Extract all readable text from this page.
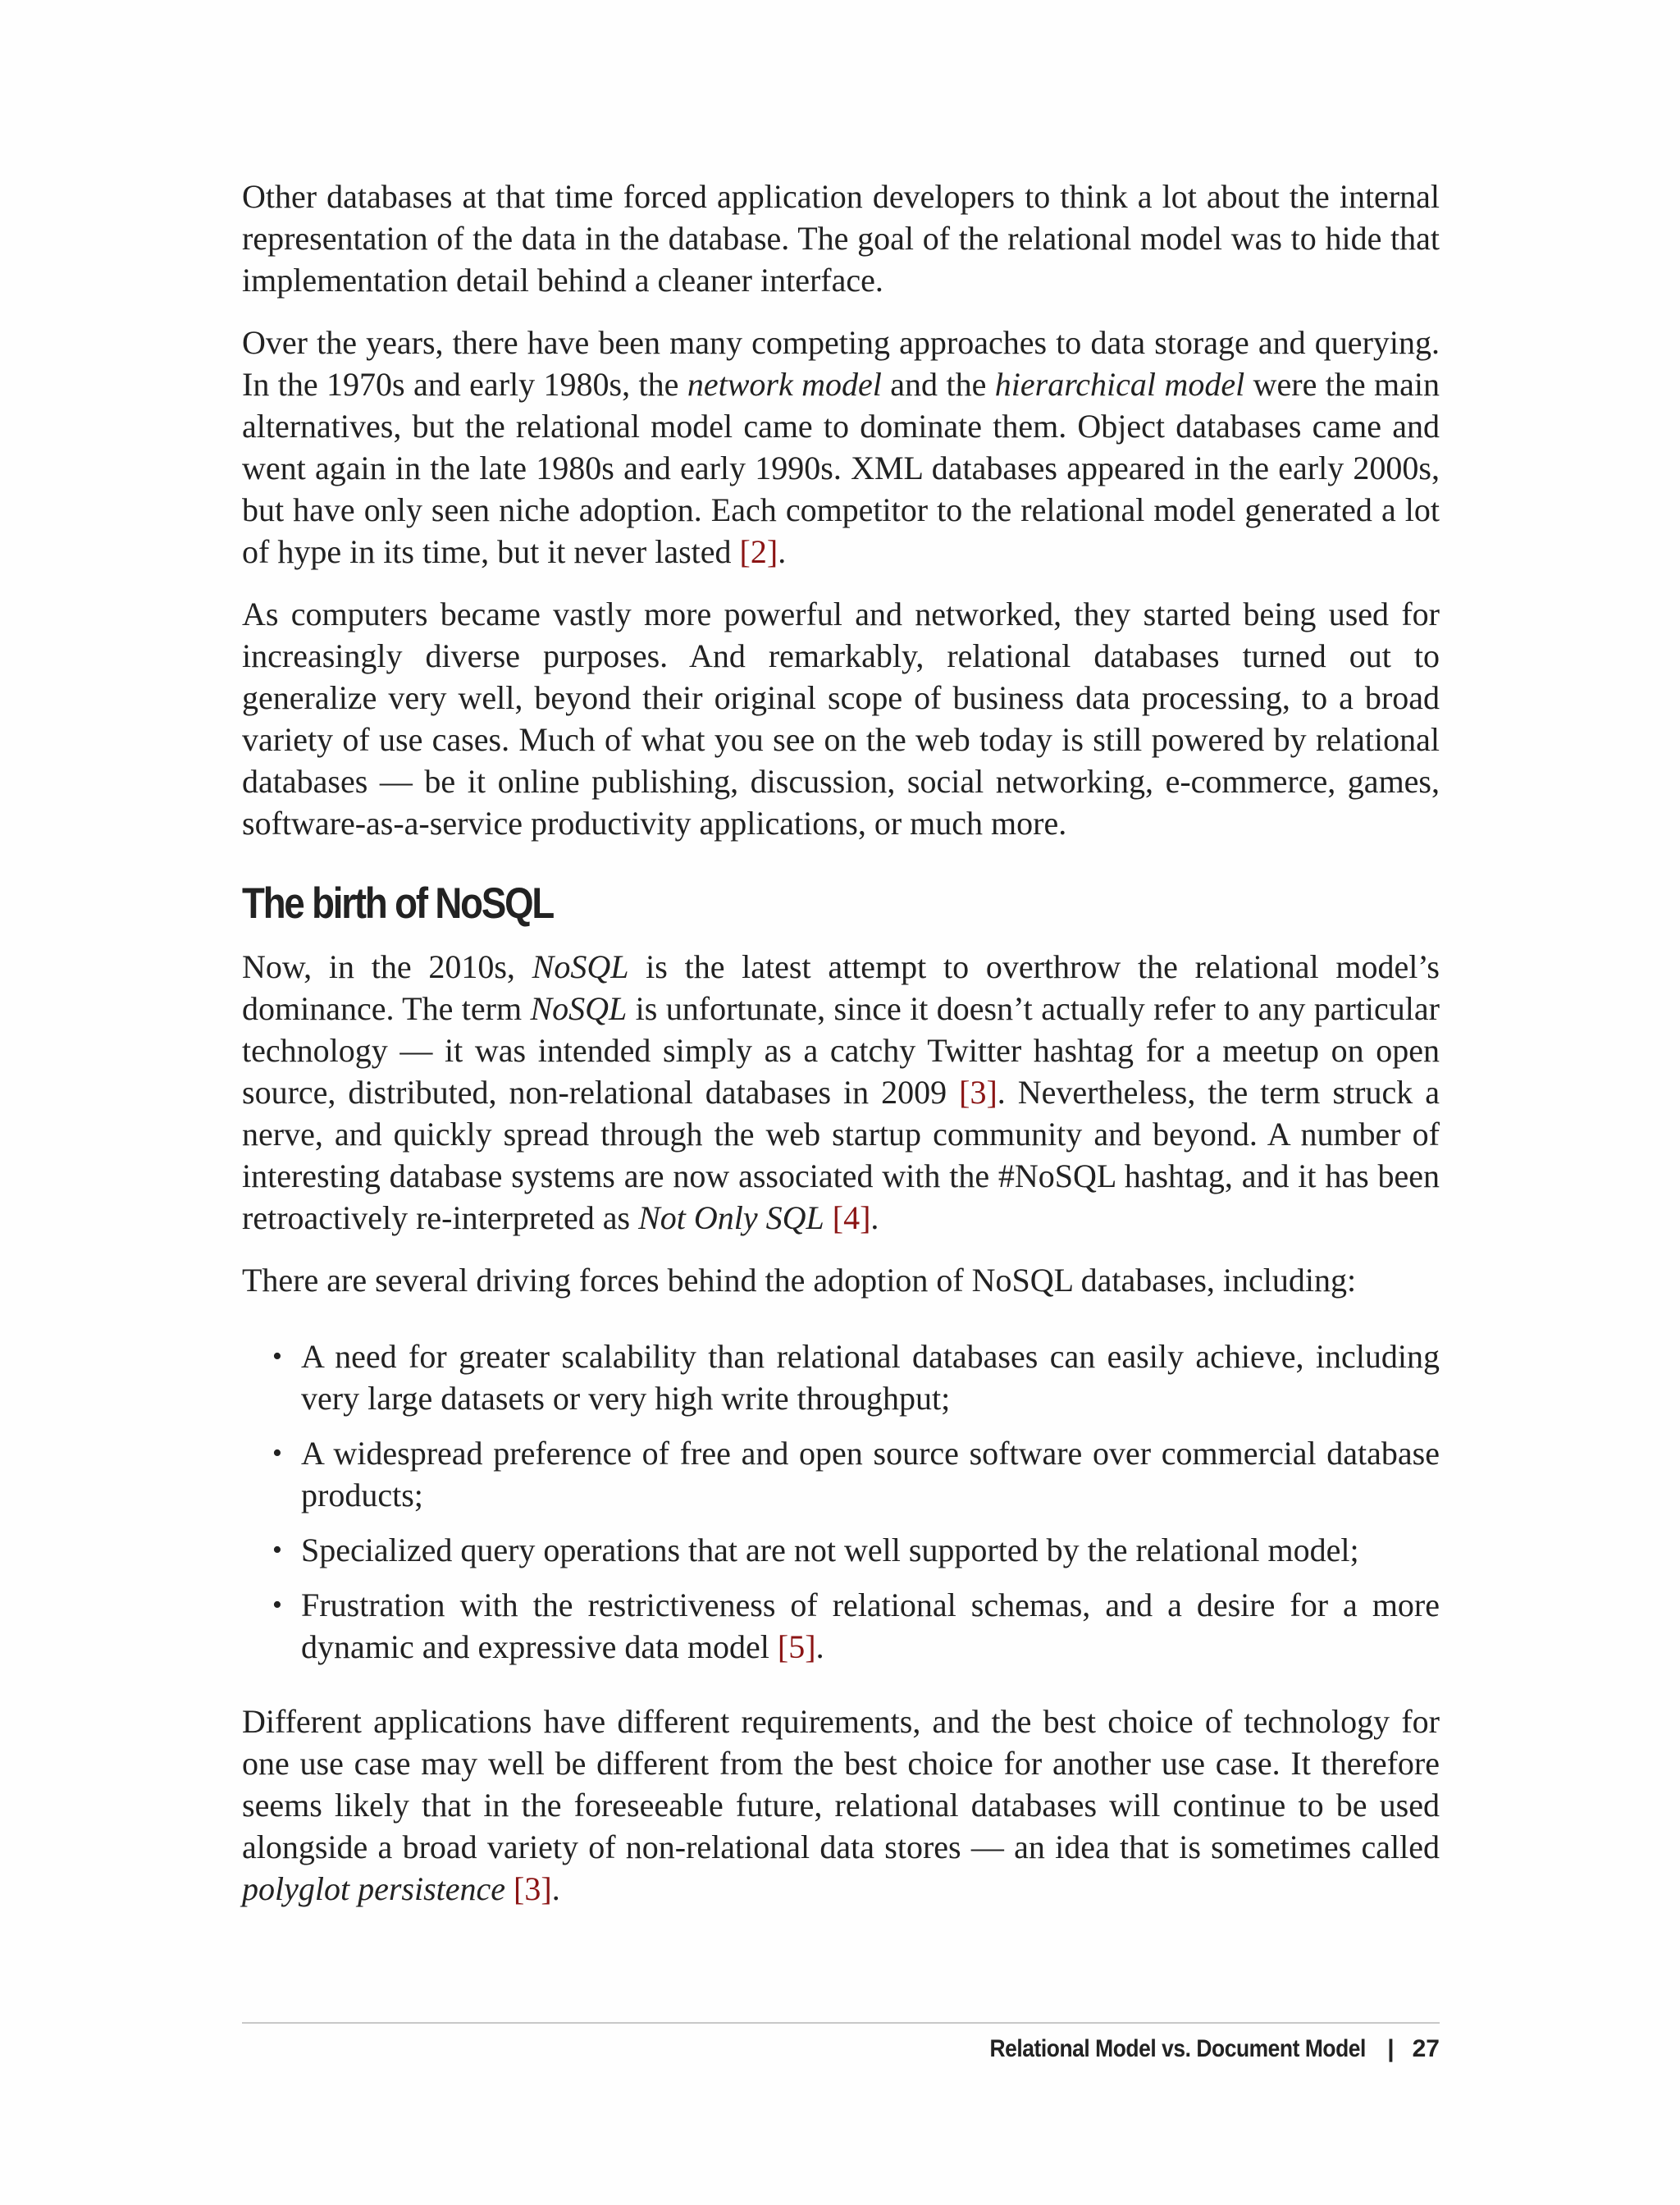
Other databases at that time forced application developers to think a lot about the internal representation of the data in the database. The goal of the relational model was to hide that implementation detail behind a cleaner interface.

Over the years, there have been many competing approaches to data storage and querying. In the 1970s and early 1980s, the network model and the hierarchical model were the main alternatives, but the relational model came to dominate them. Object databases came and went again in the late 1980s and early 1990s. XML databases appeared in the early 2000s, but have only seen niche adoption. Each competitor to the relational model generated a lot of hype in its time, but it never lasted [2].

As computers became vastly more powerful and networked, they started being used for increasingly diverse purposes. And remarkably, relational databases turned out to generalize very well, beyond their original scope of business data processing, to a broad variety of use cases. Much of what you see on the web today is still powered by relational databases — be it online publishing, discussion, social networking, e-commerce, games, software-as-a-service productivity applications, or much more.

The birth of NoSQL

Now, in the 2010s, NoSQL is the latest attempt to overthrow the relational model’s dominance. The term NoSQL is unfortunate, since it doesn’t actually refer to any particular technology — it was intended simply as a catchy Twitter hashtag for a meetup on open source, distributed, non-relational databases in 2009 [3]. Nevertheless, the term struck a nerve, and quickly spread through the web startup community and beyond. A number of interesting database systems are now associated with the #NoSQL hashtag, and it has been retroactively re-interpreted as Not Only SQL [4].

There are several driving forces behind the adoption of NoSQL databases, including:

• A need for greater scalability than relational databases can easily achieve, including very large datasets or very high write throughput;
• A widespread preference of free and open source software over commercial database products;
• Specialized query operations that are not well supported by the relational model;
• Frustration with the restrictiveness of relational schemas, and a desire for a more dynamic and expressive data model [5].

Different applications have different requirements, and the best choice of technology for one use case may well be different from the best choice for another use case. It therefore seems likely that in the foreseeable future, relational databases will continue to be used alongside a broad variety of non-relational data stores — an idea that is sometimes called polyglot persistence [3].

Relational Model vs. Document Model | 27
